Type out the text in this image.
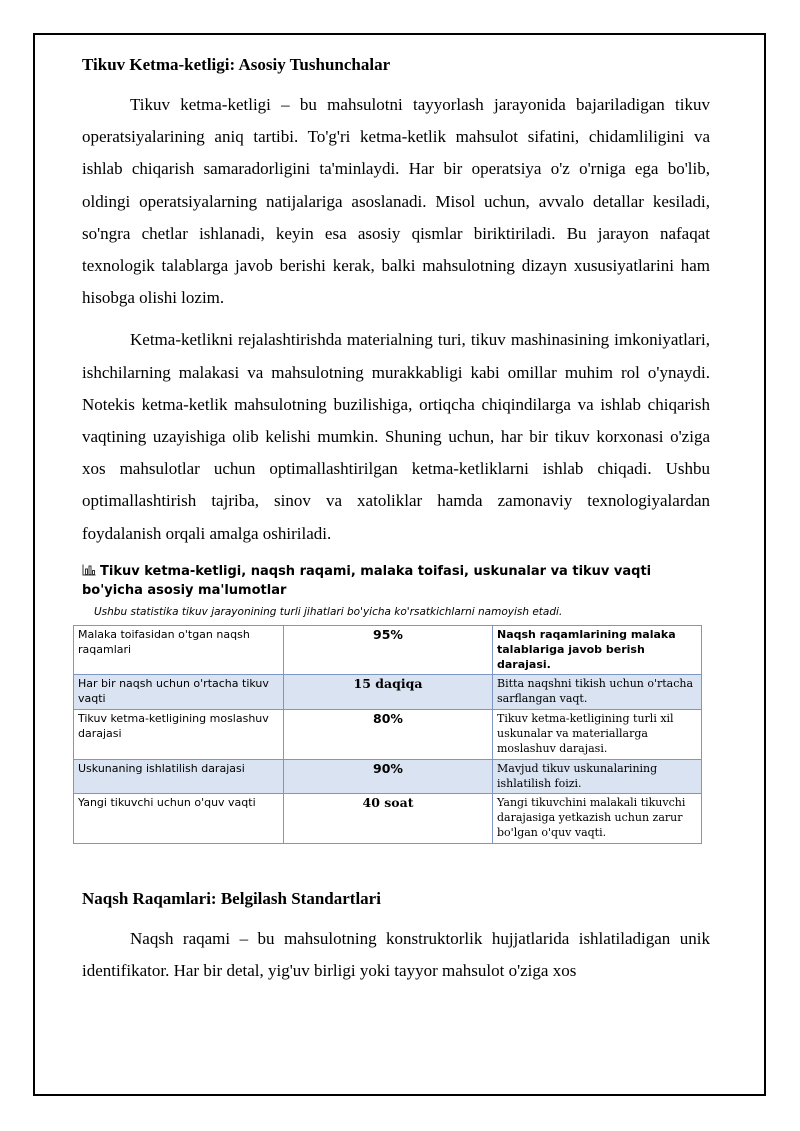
Tikuv Ketma-ketligi: Asosiy Tushunchalar

Tikuv ketma-ketligi – bu mahsulotni tayyorlash jarayonida bajariladigan tikuv operatsiyalarining aniq tartibi. To'g'ri ketma-ketlik mahsulot sifatini, chidamliligini va ishlab chiqarish samaradorligini ta'minlaydi. Har bir operatsiya o'z o'rniga ega bo'lib, oldingi operatsiyalarning natijalariga asoslanadi. Misol uchun, avvalo detallar kesiladi, so'ngra chetlar ishlanadi, keyin esa asosiy qismlar biriktiriladi. Bu jarayon nafaqat texnologik talablarga javob berishi kerak, balki mahsulotning dizayn xususiyatlarini ham hisobga olishi lozim.

Ketma-ketlikni rejalashtirishda materialning turi, tikuv mashinasining imkoniyatlari, ishchilarning malakasi va mahsulotning murakkabligi kabi omillar muhim rol o'ynaydi. Notekis ketma-ketlik mahsulotning buzilishiga, ortiqcha chiqindilarga va ishlab chiqarish vaqtining uzayishiga olib kelishi mumkin. Shuning uchun, har bir tikuv korxonasi o'ziga xos mahsulotlar uchun optimallashtirilgan ketma-ketliklarni ishlab chiqadi. Ushbu optimallashtirish tajriba, sinov va xatoliklar hamda zamonaviy texnologiyalardan foydalanish orqali amalga oshiriladi.

Tikuv ketma-ketligi, naqsh raqami, malaka toifasi, uskunalar va tikuv vaqti bo'yicha asosiy ma'lumotlar

Ushbu statistika tikuv jarayonining turli jihatlari bo'yicha ko'rsatkichlarni namoyish etadi.

Malaka toifasidan o'tgan naqsh raqamlari	95%	Naqsh raqamlarining malaka talablariga javob berish darajasi.
Har bir naqsh uchun o'rtacha tikuv vaqti	15 daqiqa	Bitta naqshni tikish uchun o'rtacha sarflangan vaqt.
Tikuv ketma-ketligining moslashuv darajasi	80%	Tikuv ketma-ketligining turli xil uskunalar va materiallarga moslashuv darajasi.
Uskunaning ishlatilish darajasi	90%	Mavjud tikuv uskunalarining ishlatilish foizi.
Yangi tikuvchi uchun o'quv vaqti	40 soat	Yangi tikuvchini malakali tikuvchi darajasiga yetkazish uchun zarur bo'lgan o'quv vaqti.
Naqsh Raqamlari: Belgilash Standartlari

Naqsh raqami – bu mahsulotning konstruktorlik hujjatlarida ishlatiladigan unik identifikator. Har bir detal, yig'uv birligi yoki tayyor mahsulot o'ziga xos
